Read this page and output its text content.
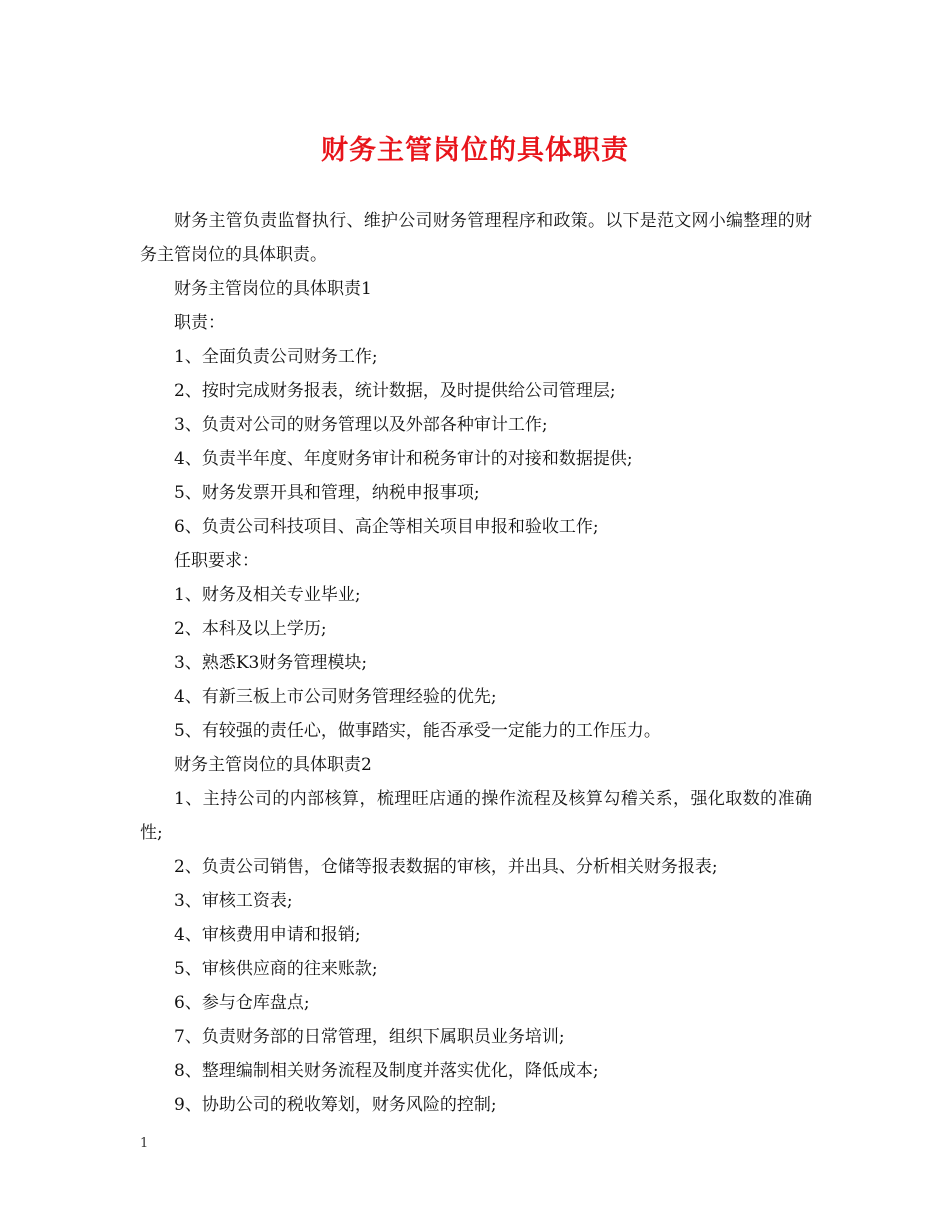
财务主管岗位的具体职责

财务主管负责监督执行、维护公司财务管理程序和政策。以下是范文网小编整理的财务主管岗位的具体职责。

财务主管岗位的具体职责1

职责：

1、全面负责公司财务工作;

2、按时完成财务报表，统计数据，及时提供给公司管理层;

3、负责对公司的财务管理以及外部各种审计工作;

4、负责半年度、年度财务审计和税务审计的对接和数据提供;

5、财务发票开具和管理，纳税申报事项;

6、负责公司科技项目、高企等相关项目申报和验收工作;

任职要求：

1、财务及相关专业毕业;

2、本科及以上学历;

3、熟悉K3财务管理模块;

4、有新三板上市公司财务管理经验的优先;

5、有较强的责任心，做事踏实，能否承受一定能力的工作压力。

财务主管岗位的具体职责2

1、主持公司的内部核算，梳理旺店通的操作流程及核算勾稽关系，强化取数的准确性;

2、负责公司销售，仓储等报表数据的审核，并出具、分析相关财务报表;

3、审核工资表;

4、审核费用申请和报销;

5、审核供应商的往来账款;

6、参与仓库盘点;

7、负责财务部的日常管理，组织下属职员业务培训;

8、整理编制相关财务流程及制度并落实优化，降低成本;

9、协助公司的税收筹划，财务风险的控制;

1
